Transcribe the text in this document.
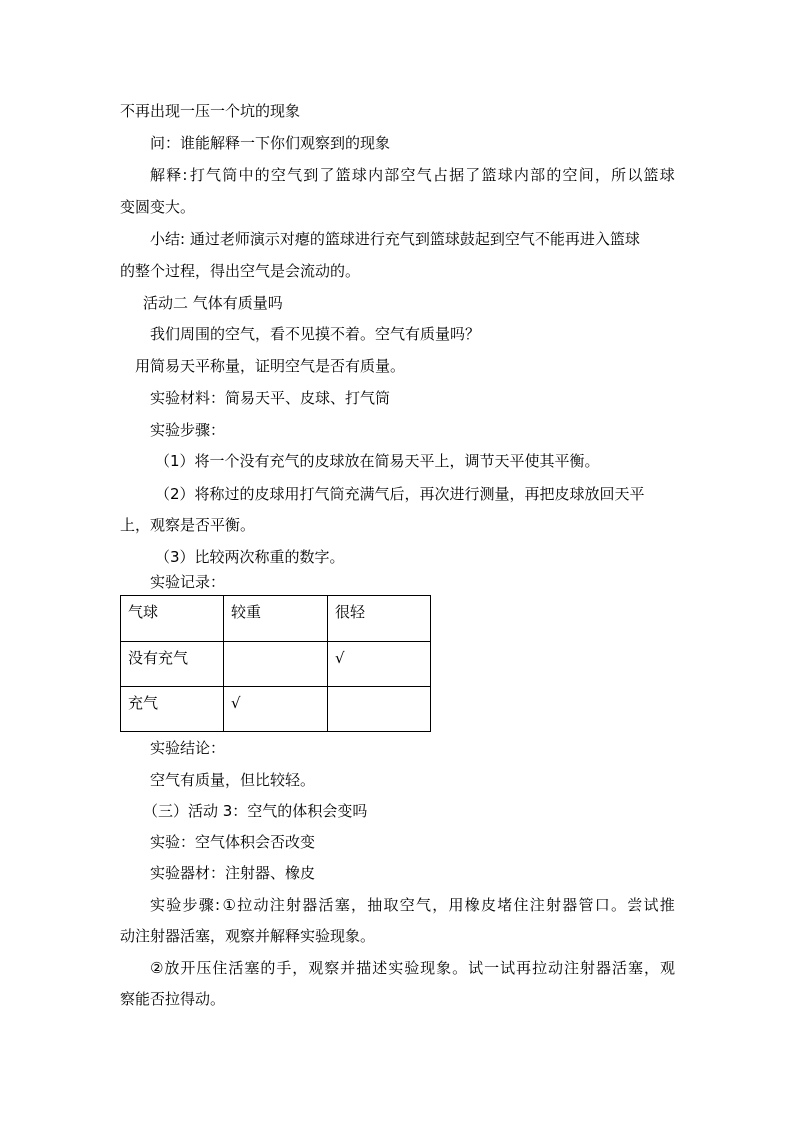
不再出现一压一个坑的现象
问：谁能解释一下你们观察到的现象
解 释 : 打 气 筒 中 的 空 气 到 了 篮 球 内 部 空 气 占 据 了 篮 球 内 部 的 空 间 ， 所 以 篮 球
变圆变大。
小结: 通过老师演示对瘪的篮球进行充气到篮球鼓起到空气不能再进入篮球
的整个过程，得出空气是会流动的。
活动二 气体有质量吗
我们周围的空气，看不见摸不着。空气有质量吗？
用简易天平称量，证明空气是否有质量。
实验材料：简易天平、皮球、打气筒
实验步骤：
（1）将一个没有充气的皮球放在简易天平上，调节天平使其平衡。
（2）将称过的皮球用打气筒充满气后，再次进行测量，再把皮球放回天平
上，观察是否平衡。
（3）比较两次称重的数字。
实验记录：
气球	较重	很轻
没有充气		√
充气	√	
实验结论：
空气有质量，但比较轻。
（三）活动 3：空气的体积会变吗
实验：空气体积会否改变
实验器材：注射器、橡皮
实 验 步 骤 : ① 拉 动 注 射 器 活 塞 ， 抽 取 空 气 ， 用 橡 皮 堵 住 注 射 器 管 口 。 尝 试 推
动注射器活塞，观察并解释实验现象。
② 放 开 压 住 活 塞 的 手 ， 观 察 并 描 述 实 验 现 象 。 试 一 试 再 拉 动 注 射 器 活 塞 ， 观
察能否拉得动。
